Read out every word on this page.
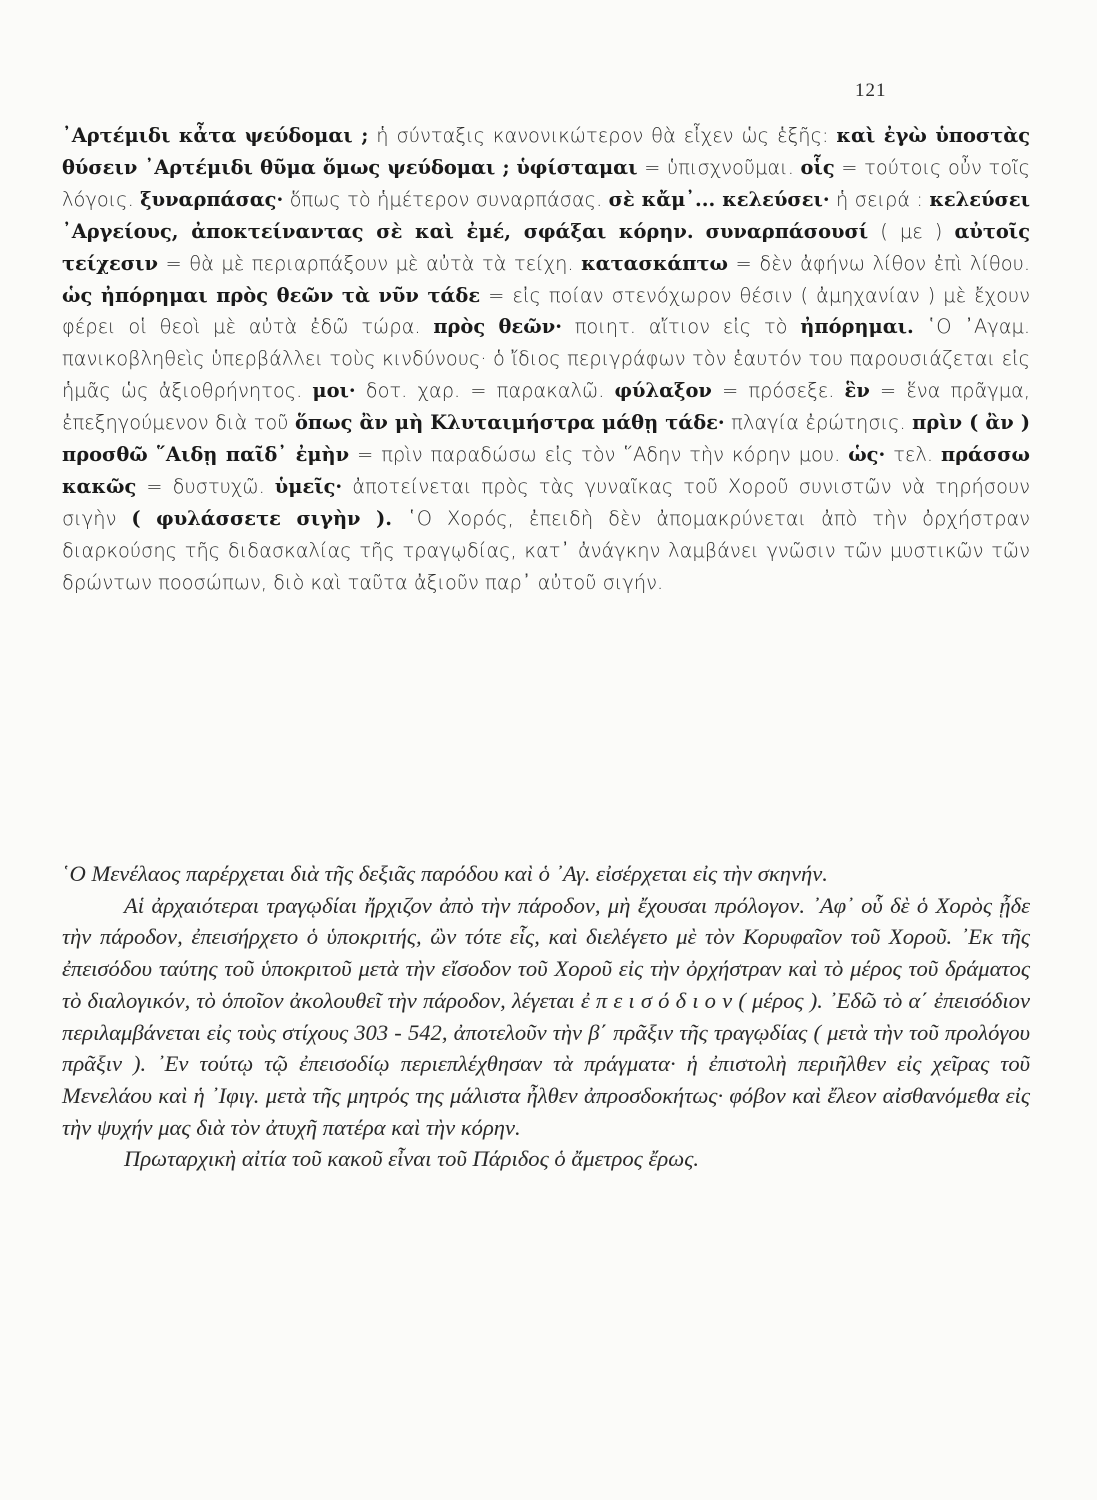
121
᾿Αρτέμιδι κἆτα ψεύδομαι ; ἡ σύνταξις κανονικώτερον θὰ εἶχεν ὡς ἑξῆς: καὶ ἐγὼ ὑποστὰς θύσειν ᾿Αρτέμιδι θῦμα ὅμως ψεύδομαι ; ὑφίσταμαι = ὑπισχνοῦμαι. οἷς = τούτοις οὖν τοῖς λόγοις. ξυναρπάσας· ὅπως τὸ ἡμέτερον συναρπάσας. σὲ κἄμ᾿... κελεύσει· ἡ σειρά : κελεύσει ᾿Αργείους, ἀποκτείναντας σὲ καὶ ἐμέ, σφάξαι κόρην. συναρπάσουσί ( με ) αὐτοῖς τείχεσιν = θὰ μὲ περιαρπάξουν μὲ αὐτὰ τὰ τείχη. κατασκάπτω = δὲν ἀφήνω λίθον ἐπὶ λίθου. ὡς ἠπόρημαι πρὸς θεῶν τὰ νῦν τάδε = εἰς ποίαν στενόχωρον θέσιν ( ἀμηχανίαν ) μὲ ἔχουν φέρει οἱ θεοὶ μὲ αὐτὰ ἐδῶ τώρα. πρὸς θεῶν· ποιητ. αἴτιον εἰς τὸ ἠπόρημαι. ῾Ο ᾿Αγαμ. πανικοβληθεὶς ὑπερβάλλει τοὺς κινδύνους· ὁ ἴδιος περιγράφων τὸν ἑαυτόν του παρουσιάζεται εἰς ἡμᾶς ὡς ἀξιοθρήνητος. μοι· δοτ. χαρ. = παρακαλῶ. φύλαξον = πρόσεξε. ἓν = ἕνα πρᾶγμα, ἐπεξηγούμενον διὰ τοῦ ὅπως ἂν μὴ Κλυταιμήστρα μάθῃ τάδε· πλαγία ἐρώτησις. πρὶν ( ἂν ) προσθῶ ῞Αιδῃ παῖδ᾿ ἐμὴν = πρὶν παραδώσω εἰς τὸν ῞Αδην τὴν κόρην μου. ὡς· τελ. πράσσω κακῶς = δυστυχῶ. ὑμεῖς· ἀποτείνεται πρὸς τὰς γυναῖκας τοῦ Χοροῦ συνιστῶν νὰ τηρήσουν σιγὴν ( φυλάσσετε σιγὴν ). ῾Ο Χορός, ἐπειδὴ δὲν ἀπομακρύνεται ἀπὸ τὴν ὀρχήστραν διαρκούσης τῆς διδασκαλίας τῆς τραγῳδίας, κατ᾿ ἀνάγκην λαμβάνει γνῶσιν τῶν μυστικῶν τῶν δρώντων ποοσώπων, διὸ καὶ ταῦτα ἀξιοῦν παρ᾿ αὐτοῦ σιγήν.

῾Ο Μενέλαος παρέρχεται διὰ τῆς δεξιᾶς παρόδου καὶ ὁ ᾿Αγ. εἰσέρχεται εἰς τὴν σκηνήν.

Αἱ ἀρχαιότεραι τραγῳδίαι ἤρχιζον ἀπὸ τὴν πάροδον, μὴ ἔχουσαι πρόλογον. ᾿Αφ᾿ οὗ δὲ ὁ Χορὸς ᾖδε τὴν πάροδον, ἐπεισήρχετο ὁ ὑποκριτής, ὢν τότε εἷς, καὶ διελέγετο μὲ τὸν Κορυφαῖον τοῦ Χοροῦ. ᾿Εκ τῆς ἐπεισόδου ταύτης τοῦ ὑποκριτοῦ μετὰ τὴν εἴσοδον τοῦ Χοροῦ εἰς τὴν ὀρχήστραν καὶ τὸ μέρος τοῦ δράματος τὸ διαλογικόν, τὸ ὁποῖον ἀκολουθεῖ τὴν πάροδον, λέγεται ἐ π ε ι σ ό δ ι ο ν ( μέρος ). ᾿Εδῶ τὸ α΄ ἐπεισόδιον περιλαμβάνεται εἰς τοὺς στίχους 303 - 542, ἀποτελοῦν τὴν β΄ πρᾶξιν τῆς τραγῳδίας ( μετὰ τὴν τοῦ προλόγου πρᾶξιν ). ᾿Εν τούτῳ τῷ ἐπεισοδίῳ περιεπλέχθησαν τὰ πράγματα· ἡ ἐπιστολὴ περιῆλθεν εἰς χεῖρας τοῦ Μενελάου καὶ ἡ ᾿Ιφιγ. μετὰ τῆς μητρός της μάλιστα ἦλθεν ἀπροσδοκήτως· φόβον καὶ ἔλεον αἰσθανόμεθα εἰς τὴν ψυχήν μας διὰ τὸν ἀτυχῆ πατέρα καὶ τὴν κόρην.

Πρωταρχικὴ αἰτία τοῦ κακοῦ εἶναι τοῦ Πάριδος ὁ ἄμετρος ἔρως.
